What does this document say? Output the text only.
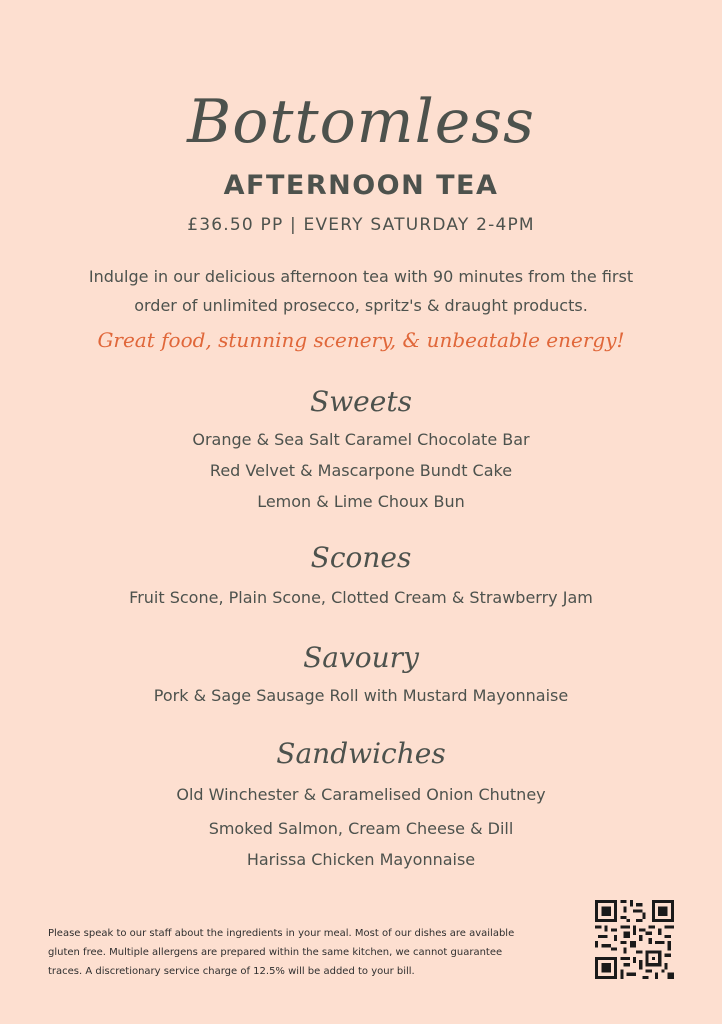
Bottomless
AFTERNOON TEA
£36.50 PP | EVERY SATURDAY 2-4PM
Indulge in our delicious afternoon tea with 90 minutes from the first
order of unlimited prosecco, spritz's & draught products.
Great food, stunning scenery, & unbeatable energy!
Sweets
Orange & Sea Salt Caramel Chocolate Bar
Red Velvet & Mascarpone Bundt Cake
Lemon & Lime Choux Bun
Scones
Fruit Scone, Plain Scone, Clotted Cream & Strawberry Jam
Savoury
Pork & Sage Sausage Roll with Mustard Mayonnaise
Sandwiches
Old Winchester & Caramelised Onion Chutney
Smoked Salmon, Cream Cheese & Dill
Harissa Chicken Mayonnaise
Please speak to our staff about the ingredients in your meal. Most of our dishes are available
gluten free. Multiple allergens are prepared within the same kitchen, we cannot guarantee
traces. A discretionary service charge of 12.5% will be added to your bill.
